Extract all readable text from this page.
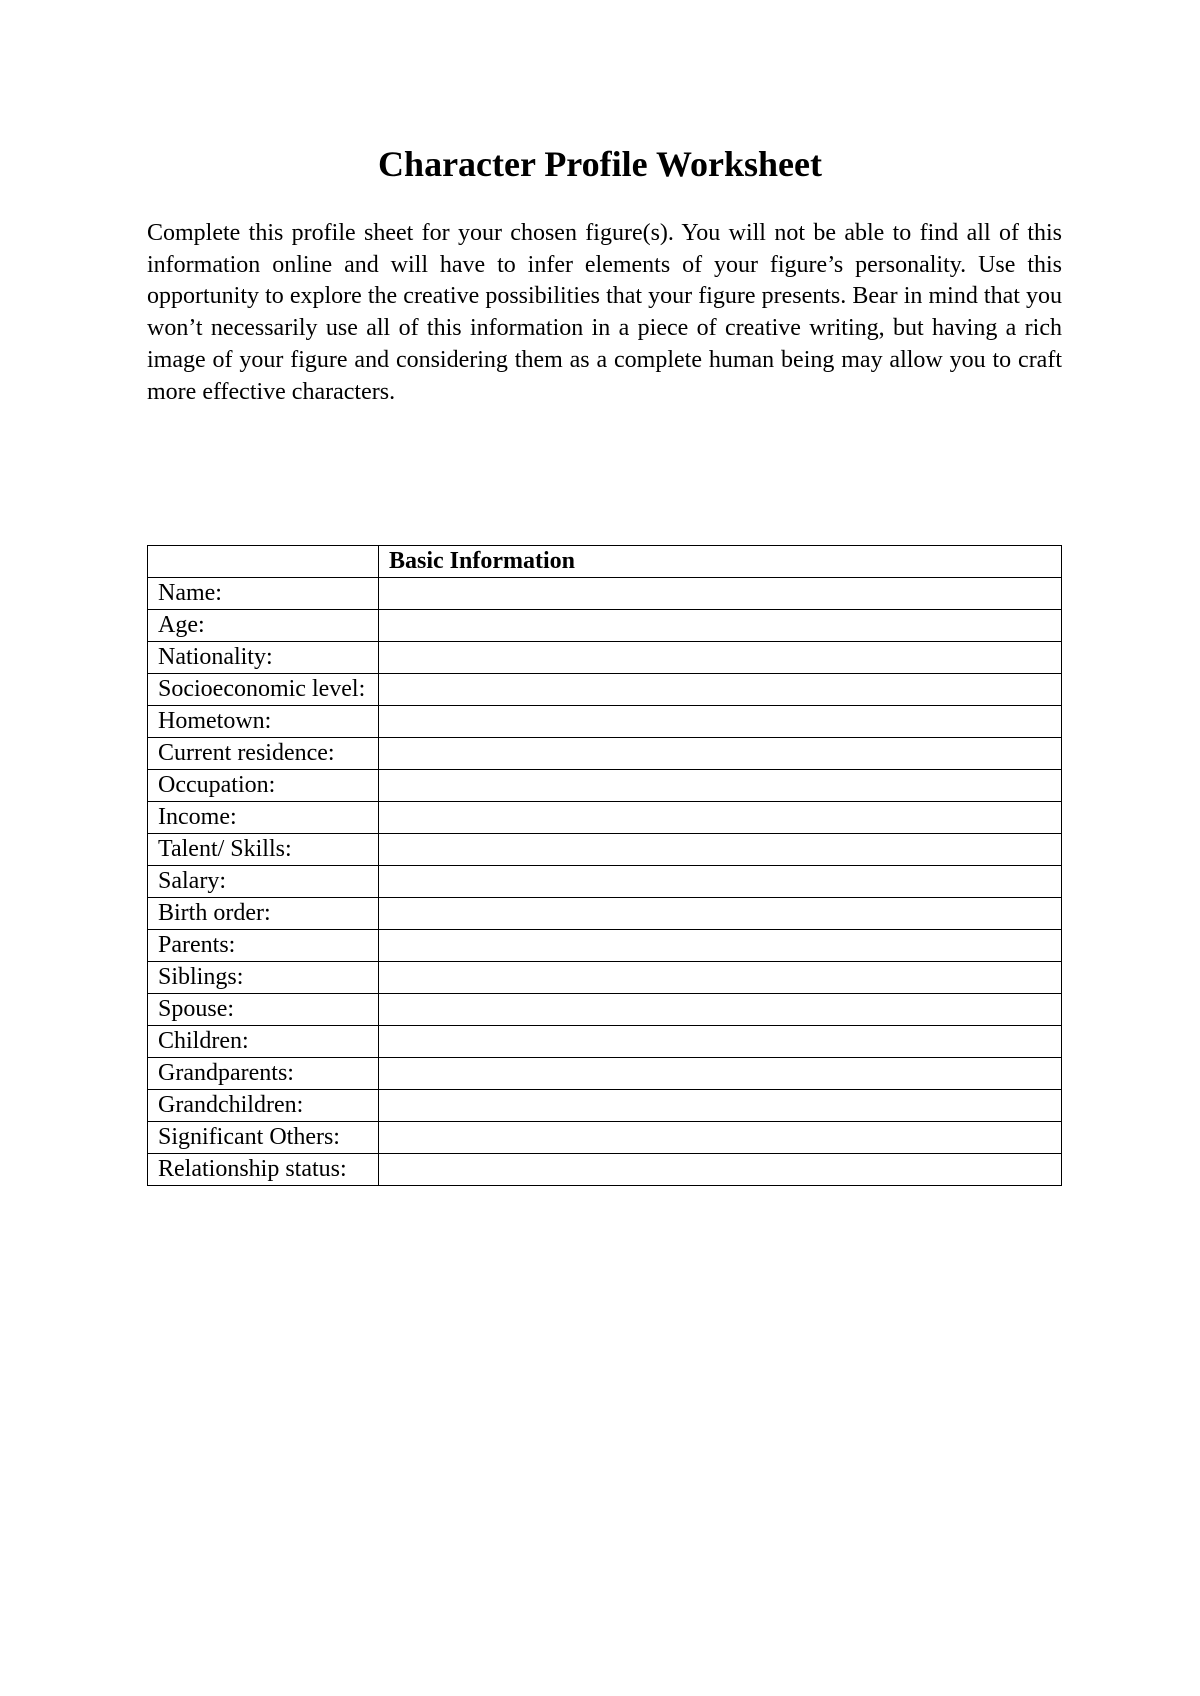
Character Profile Worksheet

Complete this profile sheet for your chosen figure(s). You will not be able to find all of this information online and will have to infer elements of your figure’s personality. Use this opportunity to explore the creative possibilities that your figure presents. Bear in mind that you won’t necessarily use all of this information in a piece of creative writing, but having a rich image of your figure and considering them as a complete human being may allow you to craft more effective characters.

	Basic Information
Name:	
Age:	
Nationality:	
Socioeconomic level:	
Hometown:	
Current residence:	
Occupation:	
Income:	
Talent/ Skills:	
Salary:	
Birth order:	
Parents:	
Siblings:	
Spouse:	
Children:	
Grandparents:	
Grandchildren:	
Significant Others:	
Relationship status:	
